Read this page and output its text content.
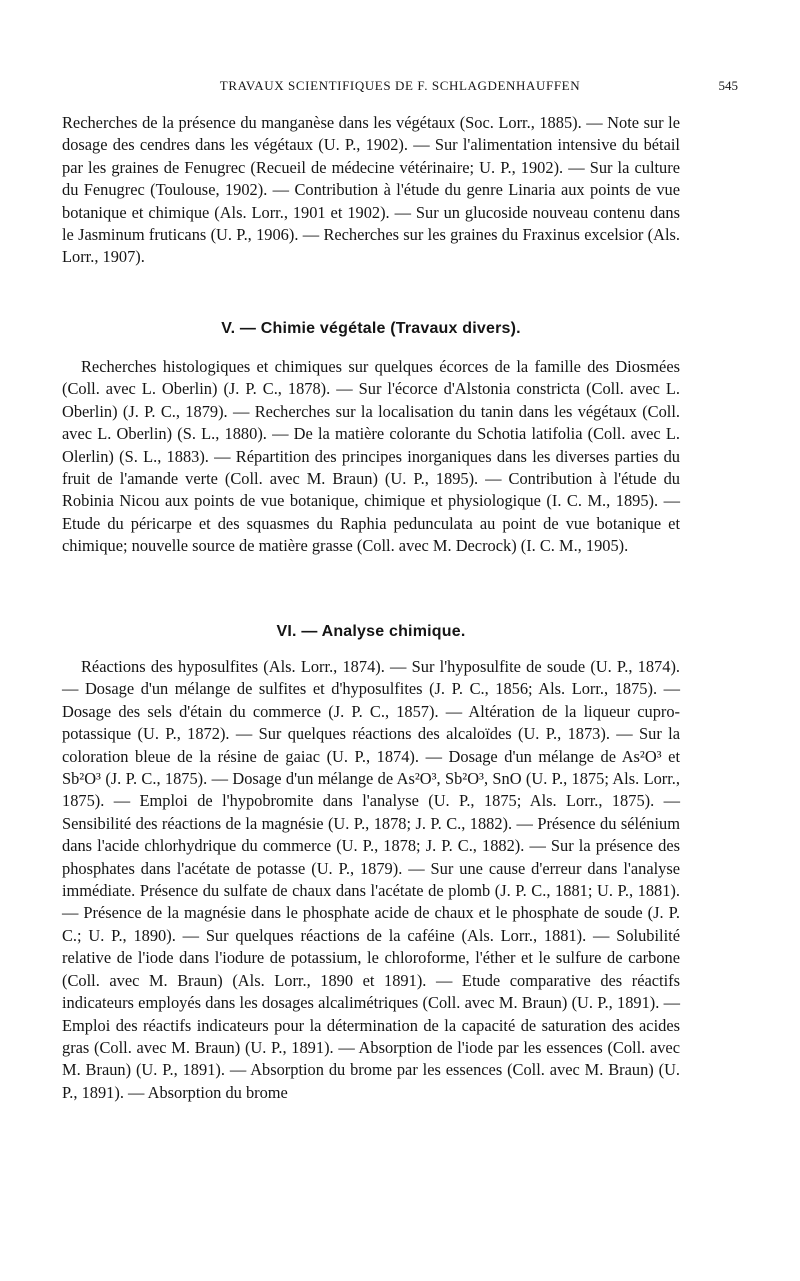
TRAVAUX SCIENTIFIQUES DE F. SCHLAGDENHAUFFEN	545

Recherches de la présence du manganèse dans les végétaux (Soc. Lorr., 1885). — Note sur le dosage des cendres dans les végétaux (U. P., 1902). — Sur l'alimentation intensive du bétail par les graines de Fenugrec (Recueil de médecine vétérinaire; U. P., 1902). — Sur la culture du Fenugrec (Toulouse, 1902). — Contribution à l'étude du genre Linaria aux points de vue botanique et chimique (Als. Lorr., 1901 et 1902). — Sur un glucoside nouveau contenu dans le Jasminum fruticans (U. P., 1906). — Recherches sur les graines du Fraxinus excelsior (Als. Lorr., 1907).

V. — Chimie végétale (Travaux divers).

Recherches histologiques et chimiques sur quelques écorces de la famille des Diosmées (Coll. avec L. Oberlin) (J. P. C., 1878). — Sur l'écorce d'Alstonia constricta (Coll. avec L. Oberlin) (J. P. C., 1879). — Recherches sur la localisation du tanin dans les végétaux (Coll. avec L. Oberlin) (S. L., 1880). — De la matière colorante du Schotia latifolia (Coll. avec L. Olerlin) (S. L., 1883). — Répartition des principes inorganiques dans les diverses parties du fruit de l'amande verte (Coll. avec M. Braun) (U. P., 1895). — Contribution à l'étude du Robinia Nicou aux points de vue botanique, chimique et physiologique (I. C. M., 1895). — Etude du péricarpe et des squasmes du Raphia pedunculata au point de vue botanique et chimique; nouvelle source de matière grasse (Coll. avec M. Decrock) (I. C. M., 1905).

VI. — Analyse chimique.

Réactions des hyposulfites (Als. Lorr., 1874). — Sur l'hyposulfite de soude (U. P., 1874). — Dosage d'un mélange de sulfites et d'hyposulfites (J. P. C., 1856; Als. Lorr., 1875). — Dosage des sels d'étain du commerce (J. P. C., 1857). — Altération de la liqueur cupro-potassique (U. P., 1872). — Sur quelques réactions des alcaloïdes (U. P., 1873). — Sur la coloration bleue de la résine de gaiac (U. P., 1874). — Dosage d'un mélange de As²O³ et Sb²O³ (J. P. C., 1875). — Dosage d'un mélange de As²O³, Sb²O³, SnO (U. P., 1875; Als. Lorr., 1875). — Emploi de l'hypobromite dans l'analyse (U. P., 1875; Als. Lorr., 1875). — Sensibilité des réactions de la magnésie (U. P., 1878; J. P. C., 1882). — Présence du sélénium dans l'acide chlorhydrique du commerce (U. P., 1878; J. P. C., 1882). — Sur la présence des phosphates dans l'acétate de potasse (U. P., 1879). — Sur une cause d'erreur dans l'analyse immédiate. Présence du sulfate de chaux dans l'acétate de plomb (J. P. C., 1881; U. P., 1881). — Présence de la magnésie dans le phosphate acide de chaux et le phosphate de soude (J. P. C.; U. P., 1890). — Sur quelques réactions de la caféine (Als. Lorr., 1881). — Solubilité relative de l'iode dans l'iodure de potassium, le chloroforme, l'éther et le sulfure de carbone (Coll. avec M. Braun) (Als. Lorr., 1890 et 1891). — Etude comparative des réactifs indicateurs employés dans les dosages alcalimétriques (Coll. avec M. Braun) (U. P., 1891). — Emploi des réactifs indicateurs pour la détermination de la capacité de saturation des acides gras (Coll. avec M. Braun) (U. P., 1891). — Absorption de l'iode par les essences (Coll. avec M. Braun) (U. P., 1891). — Absorption du brome par les essences (Coll. avec M. Braun) (U. P., 1891). — Absorption du brome
